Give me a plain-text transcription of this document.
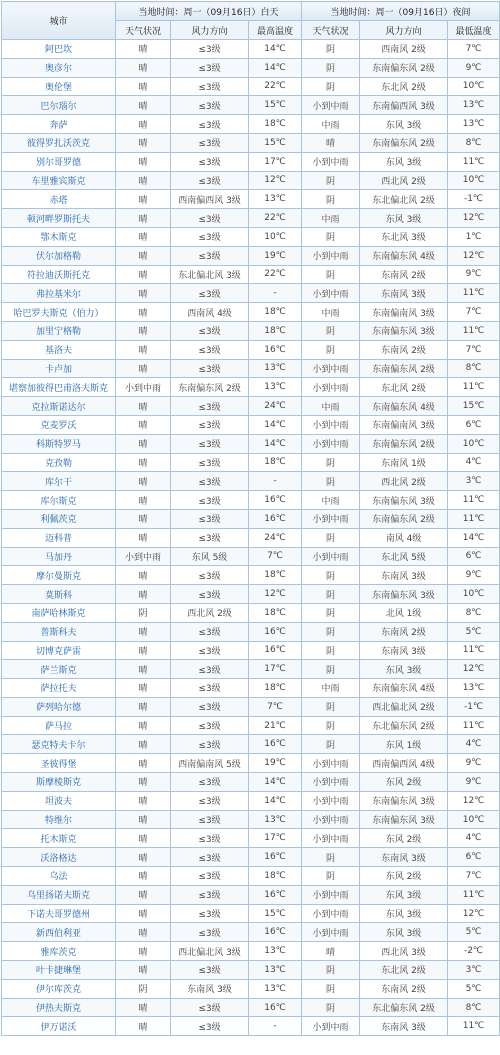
城市	当地时间：周一（09月16日）白天			当地时间：周一（09月16日）夜间		
	天气状况	风力方向	最高温度	天气状况	风力方向	最低温度
阿巴坎	晴	≤3级	14℃	阴	西南风 2级	7℃
奥彦尔	晴	≤3级	14℃	阴	东南偏东风 2级	9℃
奥伦堡	晴	≤3级	22℃	阴	东北风 2级	10℃
巴尔瑙尔	晴	≤3级	15℃	小到中雨	东南偏西风 3级	13℃
奔萨	晴	≤3级	18℃	中雨	东风 3级	13℃
彼得罗扎沃茨克	晴	≤3级	15℃	晴	东南偏东风 2级	8℃
别尔哥罗德	晴	≤3级	17℃	小到中雨	东风 3级	11℃
车里雅宾斯克	晴	≤3级	12℃	阴	西北风 2级	10℃
赤塔	晴	西南偏西风 3级	13℃	阴	东北偏北风 2级	-1℃
顿河畔罗斯托夫	晴	≤3级	22℃	中雨	东风 3级	12℃
鄂木斯克	晴	≤3级	10℃	阴	东北风 3级	1℃
伏尔加格勒	晴	≤3级	19℃	小到中雨	东南偏东风 4级	12℃
符拉迪沃斯托克	晴	东北偏北风 3级	22℃	阴	东南风 2级	9℃
弗拉基米尔	晴	≤3级	-	小到中雨	东南风 3级	11℃
哈巴罗夫斯克（伯力）	晴	西南风 4级	18℃	中雨	东南偏南风 3级	7℃
加里宁格勒	晴	≤3级	18℃	阴	东南偏东风 3级	11℃
基洛夫	晴	≤3级	16℃	阴	东南风 2级	7℃
卡卢加	晴	≤3级	13℃	小到中雨	东南偏东风 2级	8℃
堪察加彼得巴甫洛夫斯克	小到中雨	东南偏东风 2级	13℃	小到中雨	东北风 2级	11℃
克拉斯诺达尔	晴	≤3级	24℃	中雨	东南偏东风 4级	15℃
克麦罗沃	晴	≤3级	14℃	小到中雨	东南偏南风 3级	6℃
科斯特罗马	晴	≤3级	14℃	小到中雨	东南偏东风 2级	10℃
克孜勒	晴	≤3级	18℃	阴	东南风 1级	4℃
库尔干	晴	≤3级	-	阴	西北风 2级	3℃
库尔斯克	晴	≤3级	16℃	中雨	东南偏东风 3级	11℃
利佩茨克	晴	≤3级	16℃	小到中雨	东南偏东风 2级	11℃
迈科普	晴	≤3级	24℃	阴	南风 4级	14℃
马加丹	小到中雨	东风 5级	7℃	小到中雨	东北风 5级	6℃
摩尔曼斯克	晴	≤3级	18℃	阴	东南风 3级	9℃
莫斯科	晴	≤3级	12℃	阴	东南偏东风 3级	10℃
南萨哈林斯克	阴	西北风 2级	18℃	阴	北风 1级	8℃
普斯科夫	晴	≤3级	16℃	阴	东南风 2级	5℃
切博克萨雷	晴	≤3级	16℃	阴	东南风 3级	11℃
萨兰斯克	晴	≤3级	17℃	阴	东风 3级	12℃
萨拉托夫	晴	≤3级	18℃	中雨	东南偏东风 4级	13℃
萨列哈尔德	晴	≤3级	7℃	阴	西北偏北风 2级	-1℃
萨马拉	晴	≤3级	21℃	阴	东北偏东风 2级	11℃
瑟克特夫卡尔	晴	≤3级	16℃	阴	东风 1级	4℃
圣彼得堡	晴	西南偏南风 5级	19℃	小到中雨	西南偏西风 4级	9℃
斯摩棱斯克	晴	≤3级	14℃	小到中雨	东风 2级	9℃
坦波夫	晴	≤3级	14℃	小到中雨	东南偏东风 3级	12℃
特维尔	晴	≤3级	13℃	小到中雨	东南偏东风 3级	10℃
托木斯克	晴	≤3级	17℃	小到中雨	东风 2级	4℃
沃洛格达	晴	≤3级	16℃	阴	东南风 3级	6℃
乌法	晴	≤3级	18℃	阴	东风 2级	7℃
乌里扬诺夫斯克	晴	≤3级	16℃	小到中雨	东风 3级	11℃
下诺夫哥罗德州	晴	≤3级	15℃	小到中雨	东风 3级	12℃
新西伯利亚	晴	≤3级	16℃	小到中雨	东风 3级	5℃
雅库茨克	晴	西北偏北风 3级	13℃	晴	西北风 3级	-2℃
叶卡捷琳堡	晴	≤3级	13℃	阴	东北风 2级	3℃
伊尔库茨克	阴	东南风 3级	13℃	阴	东南风 2级	5℃
伊热夫斯克	晴	≤3级	16℃	阴	东北偏东风 2级	8℃
伊万诺沃	晴	≤3级	-	小到中雨	东南风 3级	11℃
